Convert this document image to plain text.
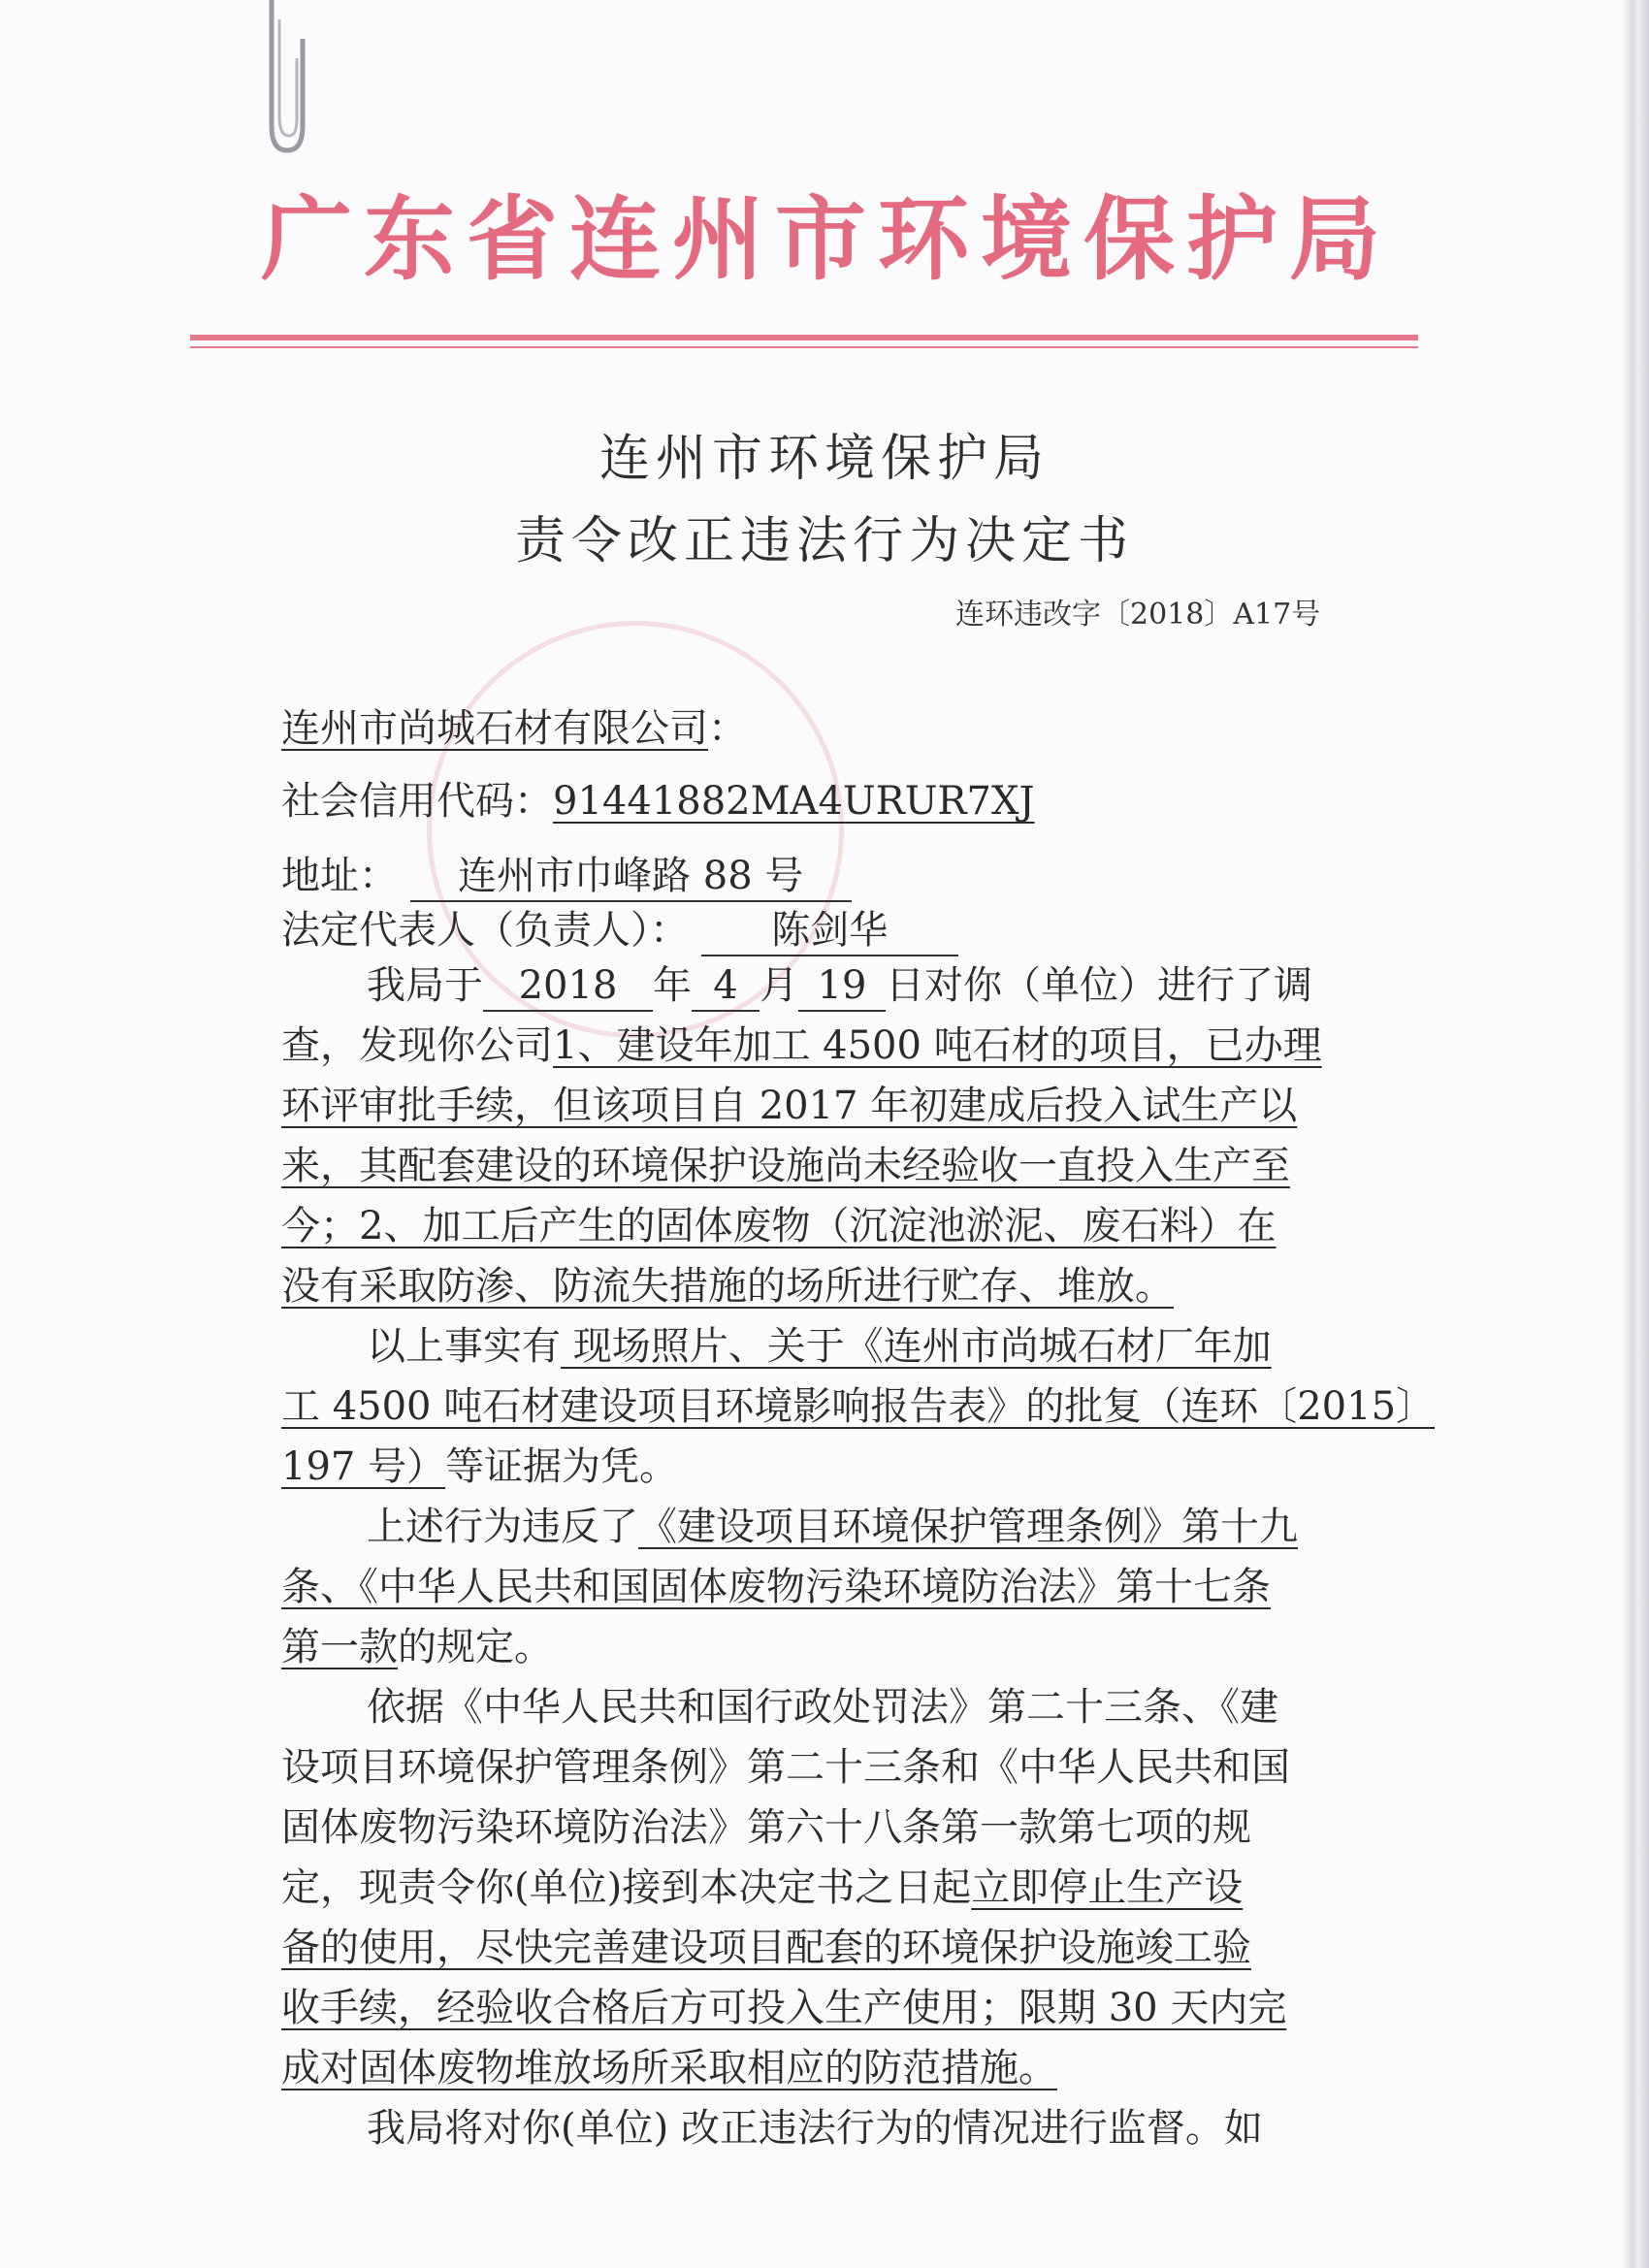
广东省连州市环境保护局
连州市环境保护局
责令改正违法行为决定书
连环违改字〔2018〕A17号
连州市尚城石材有限公司：
社会信用代码：91441882MA4URUR7XJ
地址： 连州市巾峰路 88 号
法定代表人（负责人）： 陈剑华
我局于 2018 年 4 月 19 日对你（单位）进行了调
查，发现你公司1、建设年加工 4500 吨石材的项目，已办理
环评审批手续，但该项目自 2017 年初建成后投入试生产以
来，其配套建设的环境保护设施尚未经验收一直投入生产至
今；2、加工后产生的固体废物（沉淀池淤泥、废石料）在
没有采取防渗、防流失措施的场所进行贮存、堆放。
以上事实有 现场照片、关于《连州市尚城石材厂年加
工 4500 吨石材建设项目环境影响报告表》的批复（连环〔2015〕
197 号）等证据为凭。
上述行为违反了《建设项目环境保护管理条例》第十九
条、《中华人民共和国固体废物污染环境防治法》第十七条
第一款的规定。
依据《中华人民共和国行政处罚法》第二十三条、《建
设项目环境保护管理条例》第二十三条和《中华人民共和国
固体废物污染环境防治法》第六十八条第一款第七项的规
定，现责令你(单位)接到本决定书之日起立即停止生产设
备的使用，尽快完善建设项目配套的环境保护设施竣工验
收手续，经验收合格后方可投入生产使用；限期 30 天内完
成对固体废物堆放场所采取相应的防范措施。
我局将对你(单位) 改正违法行为的情况进行监督。如
